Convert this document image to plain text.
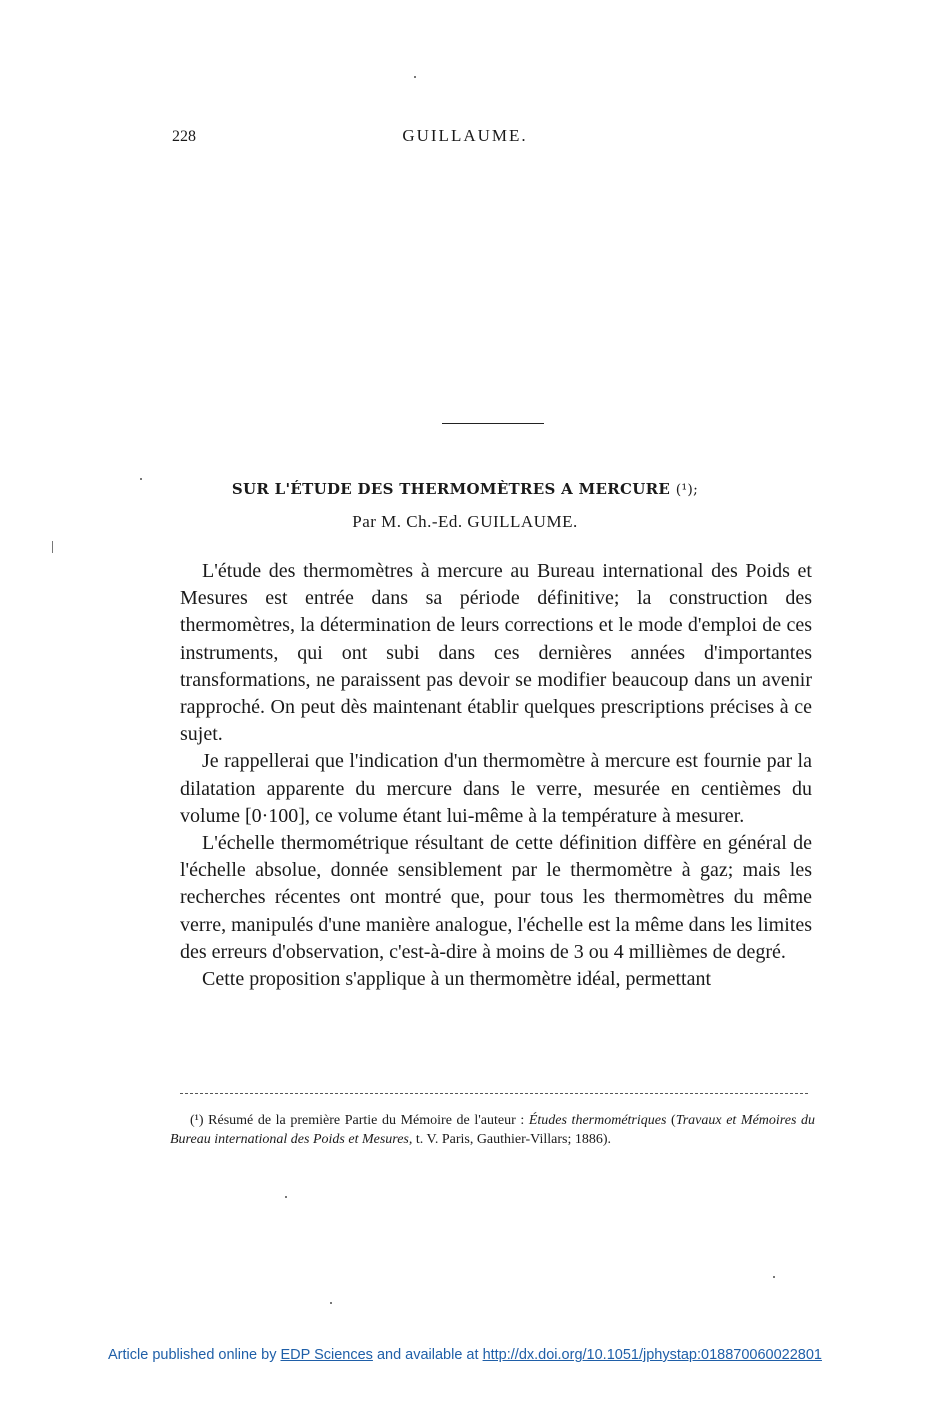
228	GUILLAUME.
SUR L'ÉTUDE DES THERMOMÈTRES A MERCURE (¹);
Par M. Ch.-Ed. GUILLAUME.

L'étude des thermomètres à mercure au Bureau international des Poids et Mesures est entrée dans sa période définitive; la construction des thermomètres, la détermination de leurs corrections et le mode d'emploi de ces instruments, qui ont subi dans ces dernières années d'importantes transformations, ne paraissent pas devoir se modifier beaucoup dans un avenir rapproché. On peut dès maintenant établir quelques prescriptions précises à ce sujet.

Je rappellerai que l'indication d'un thermomètre à mercure est fournie par la dilatation apparente du mercure dans le verre, mesurée en centièmes du volume [0·100], ce volume étant lui-même à la température à mesurer.

L'échelle thermométrique résultant de cette définition diffère en général de l'échelle absolue, donnée sensiblement par le thermomètre à gaz; mais les recherches récentes ont montré que, pour tous les thermomètres du même verre, manipulés d'une manière analogue, l'échelle est la même dans les limites des erreurs d'observation, c'est-à-dire à moins de 3 ou 4 millièmes de degré.

Cette proposition s'applique à un thermomètre idéal, permettant

(¹) Résumé de la première Partie du Mémoire de l'auteur : Études thermométriques (Travaux et Mémoires du Bureau international des Poids et Mesures, t. V. Paris, Gauthier-Villars; 1886).
Article published online by EDP Sciences and available at http://dx.doi.org/10.1051/jphystap:018870060022801
